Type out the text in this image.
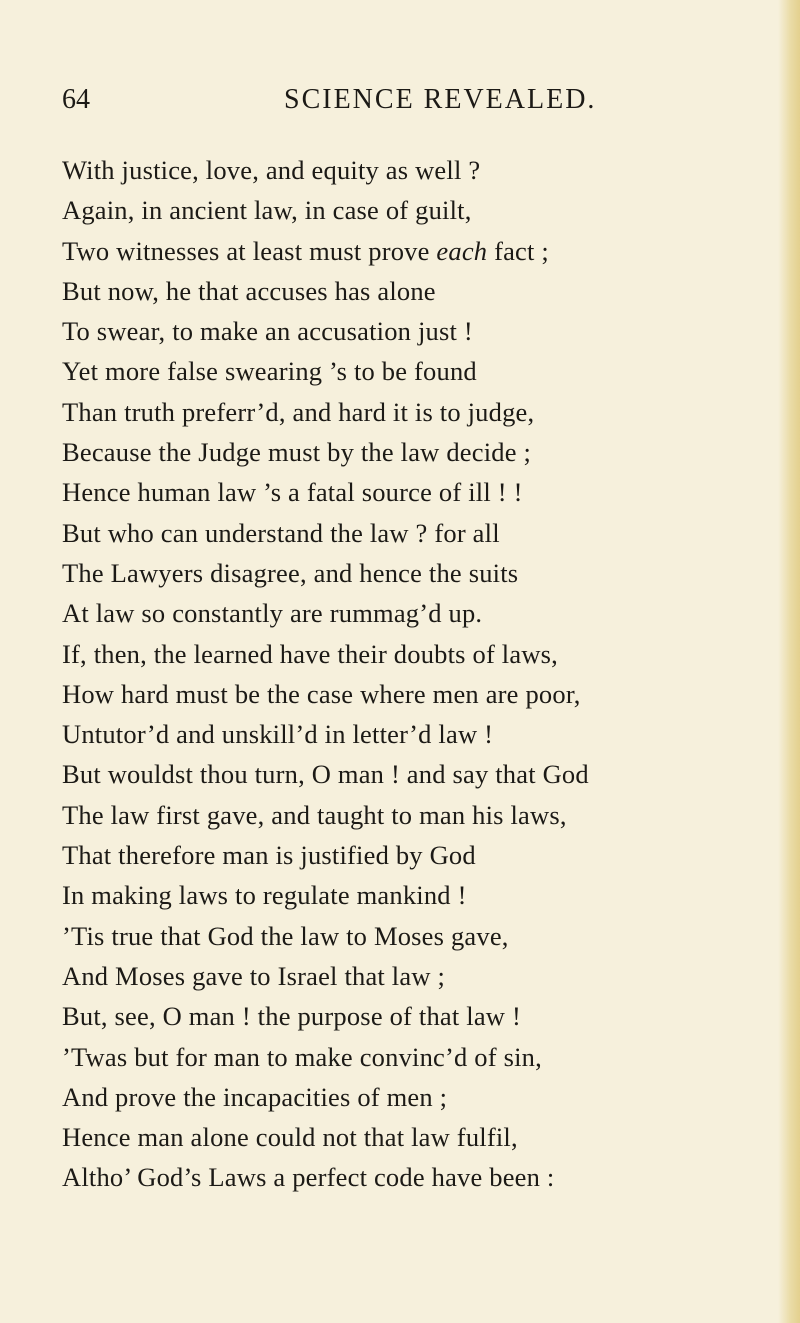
64	SCIENCE REVEALED.
With justice, love, and equity as well ?
Again, in ancient law, in case of guilt,
Two witnesses at least must prove each fact ;
But now, he that accuses has alone
To swear, to make an accusation just !
Yet more false swearing ’s to be found
Than truth preferr’d, and hard it is to judge,
Because the Judge must by the law decide ;
Hence human law ’s a fatal source of ill ! !
But who can understand the law ? for all
The Lawyers disagree, and hence the suits
At law so constantly are rummag’d up.
If, then, the learned have their doubts of laws,
How hard must be the case where men are poor,
Untutor’d and unskill’d in letter’d law !
But wouldst thou turn, O man ! and say that God
The law first gave, and taught to man his laws,
That therefore man is justified by God
In making laws to regulate mankind !
’Tis true that God the law to Moses gave,
And Moses gave to Israel that law ;
But, see, O man ! the purpose of that law !
’Twas but for man to make convinc’d of sin,
And prove the incapacities of men ;
Hence man alone could not that law fulfil,
Altho’ God’s Laws a perfect code have been :
